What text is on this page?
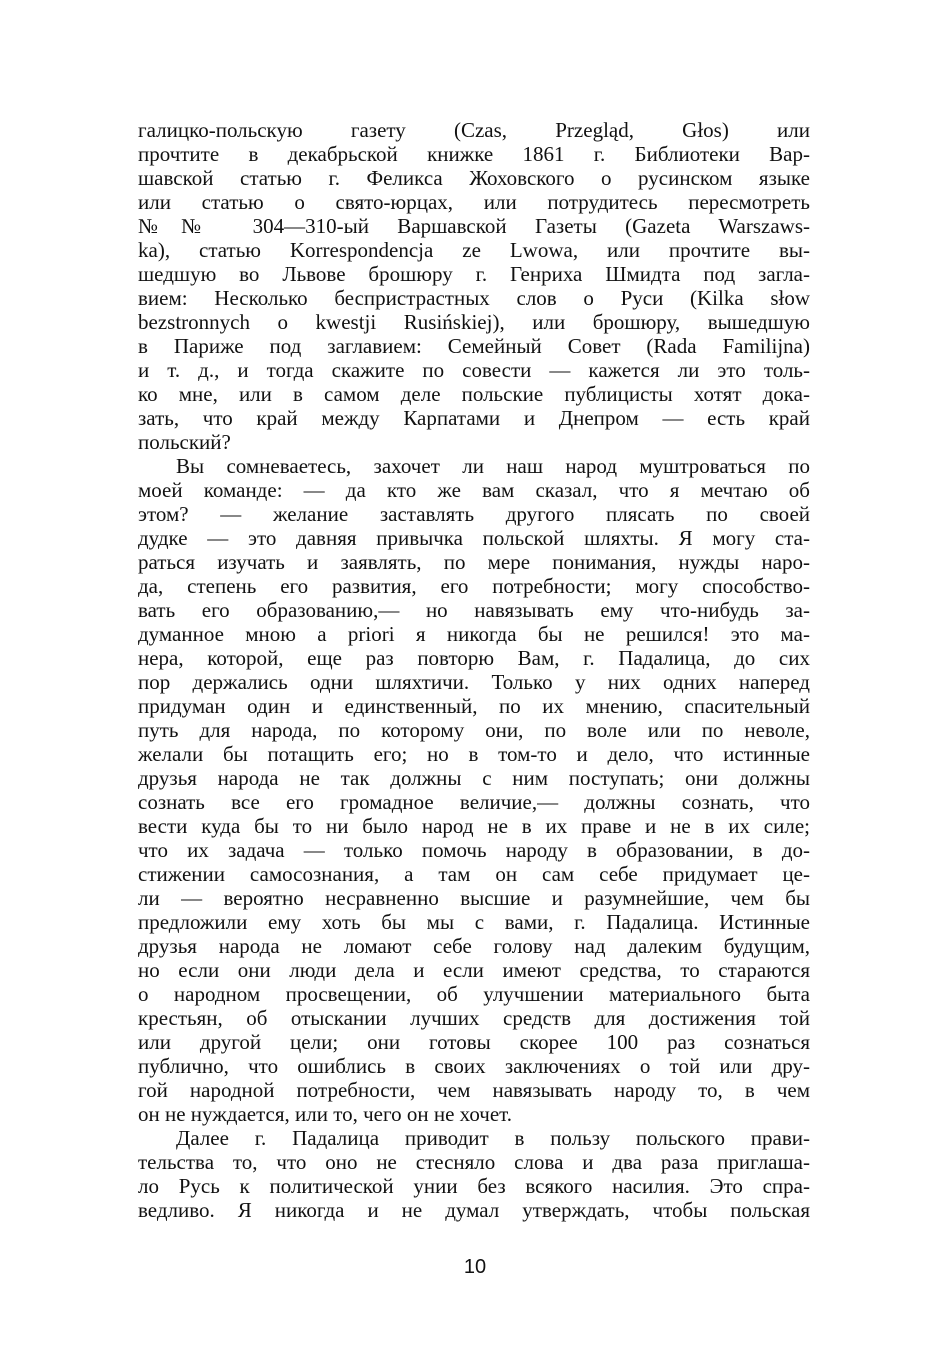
галицко-польскую газету (Czas, Przegląd, Głos) или
прочтите в декабрьской книжке 1861 г. Библиотеки Вар-
шавской статью г. Феликса Жоховского о русинском языке
или статью о свято-юрцах, или потрудитесь пересмотреть
№№ 304—310-ый Варшавской Газеты (Gazeta Warszaws-
ka), статью Korrespondencja ze Lwowa, или прочтите вы-
шедшую во Львове брошюру г. Генриха Шмидта под загла-
вием: Несколько беспристрастных слов о Руси (Kilka słow
bezstronnych o kwestji Rusińskiej), или брошюру, вышедшую
в Париже под заглавием: Семейный Совет (Rada Familijna)
и т. д., и тогда скажите по совести — кажется ли это толь-
ко мне, или в самом деле польские публицисты хотят дока-
зать, что край между Карпатами и Днепром — есть край
польский?
Вы сомневаетесь, захочет ли наш народ муштроваться по
моей команде: — да кто же вам сказал, что я мечтаю об
этом? — желание заставлять другого плясать по своей
дудке — это давняя привычка польской шляхты. Я могу ста-
раться изучать и заявлять, по мере понимания, нужды наро-
да, степень его развития, его потребности; могу способство-
вать его образованию,— но навязывать ему что-нибудь за-
думанное мною a priori я никогда бы не решился! это ма-
нера, которой, еще раз повторю Вам, г. Падалица, до сих
пор держались одни шляхтичи. Только у них одних наперед
придуман один и единственный, по их мнению, спасительный
путь для народа, по которому они, по воле или по неволе,
желали бы потащить его; но в том-то и дело, что истинные
друзья народа не так должны с ним поступать; они должны
сознать все его громадное величие,— должны сознать, что
вести куда бы то ни было народ не в их праве и не в их силе;
что их задача — только помочь народу в образовании, в до-
стижении самосознания, а там он сам себе придумает це-
ли — вероятно несравненно высшие и разумнейшие, чем бы
предложили ему хоть бы мы с вами, г. Падалица. Истинные
друзья народа не ломают себе голову над далеким будущим,
но если они люди дела и если имеют средства, то стараются
о народном просвещении, об улучшении материального быта
крестьян, об отыскании лучших средств для достижения той
или другой цели; они готовы скорее 100 раз сознаться
публично, что ошиблись в своих заключениях о той или дру-
гой народной потребности, чем навязывать народу то, в чем
он не нуждается, или то, чего он не хочет.
Далее г. Падалица приводит в пользу польского прави-
тельства то, что оно не стесняло слова и два раза приглаша-
ло Русь к политической унии без всякого насилия. Это спра-
ведливо. Я никогда и не думал утверждать, чтобы польская
10
